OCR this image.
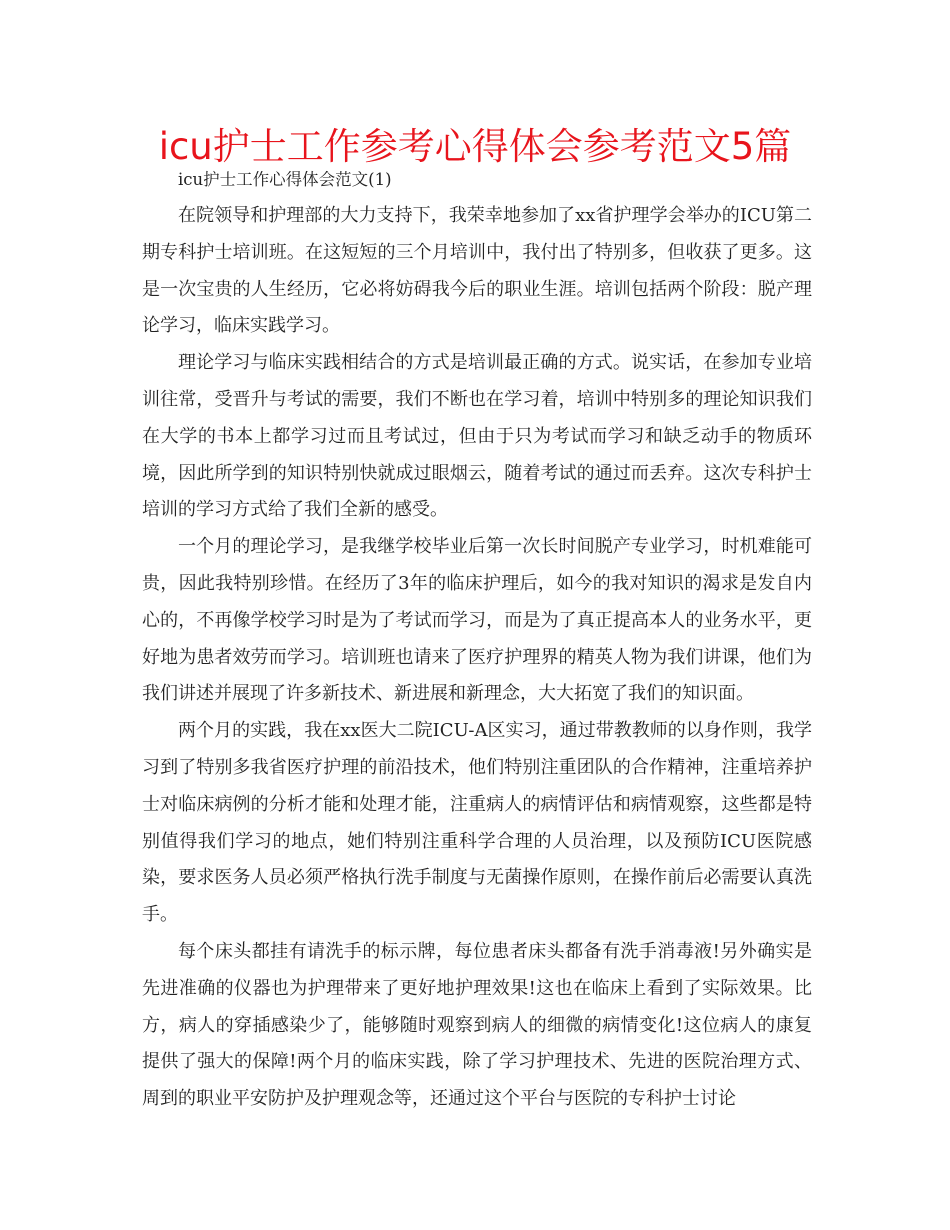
icu护士工作参考心得体会参考范文5篇
icu护士工作心得体会范文(1)

在院领导和护理部的大力支持下，我荣幸地参加了xx省护理学会举办的ICU第二期专科护士培训班。在这短短的三个月培训中，我付出了特别多，但收获了更多。这是一次宝贵的人生经历，它必将妨碍我今后的职业生涯。培训包括两个阶段：脱产理论学习，临床实践学习。

理论学习与临床实践相结合的方式是培训最正确的方式。说实话，在参加专业培训往常，受晋升与考试的需要，我们不断也在学习着，培训中特别多的理论知识我们在大学的书本上都学习过而且考试过，但由于只为考试而学习和缺乏动手的物质环境，因此所学到的知识特别快就成过眼烟云，随着考试的通过而丢弃。这次专科护士培训的学习方式给了我们全新的感受。

一个月的理论学习，是我继学校毕业后第一次长时间脱产专业学习，时机难能可贵，因此我特别珍惜。在经历了3年的临床护理后，如今的我对知识的渴求是发自内心的，不再像学校学习时是为了考试而学习，而是为了真正提高本人的业务水平，更好地为患者效劳而学习。培训班也请来了医疗护理界的精英人物为我们讲课，他们为我们讲述并展现了许多新技术、新进展和新理念，大大拓宽了我们的知识面。

两个月的实践，我在xx医大二院ICU-A区实习，通过带教教师的以身作则，我学习到了特别多我省医疗护理的前沿技术，他们特别注重团队的合作精神，注重培养护士对临床病例的分析才能和处理才能，注重病人的病情评估和病情观察，这些都是特别值得我们学习的地点，她们特别注重科学合理的人员治理，以及预防ICU医院感染，要求医务人员必须严格执行洗手制度与无菌操作原则，在操作前后必需要认真洗手。

每个床头都挂有请洗手的标示牌，每位患者床头都备有洗手消毒液!另外确实是先进准确的仪器也为护理带来了更好地护理效果!这也在临床上看到了实际效果。比方，病人的穿插感染少了，能够随时观察到病人的细微的病情变化!这位病人的康复提供了强大的保障!两个月的临床实践，除了学习护理技术、先进的医院治理方式、周到的职业平安防护及护理观念等，还通过这个平台与医院的专科护士讨论
